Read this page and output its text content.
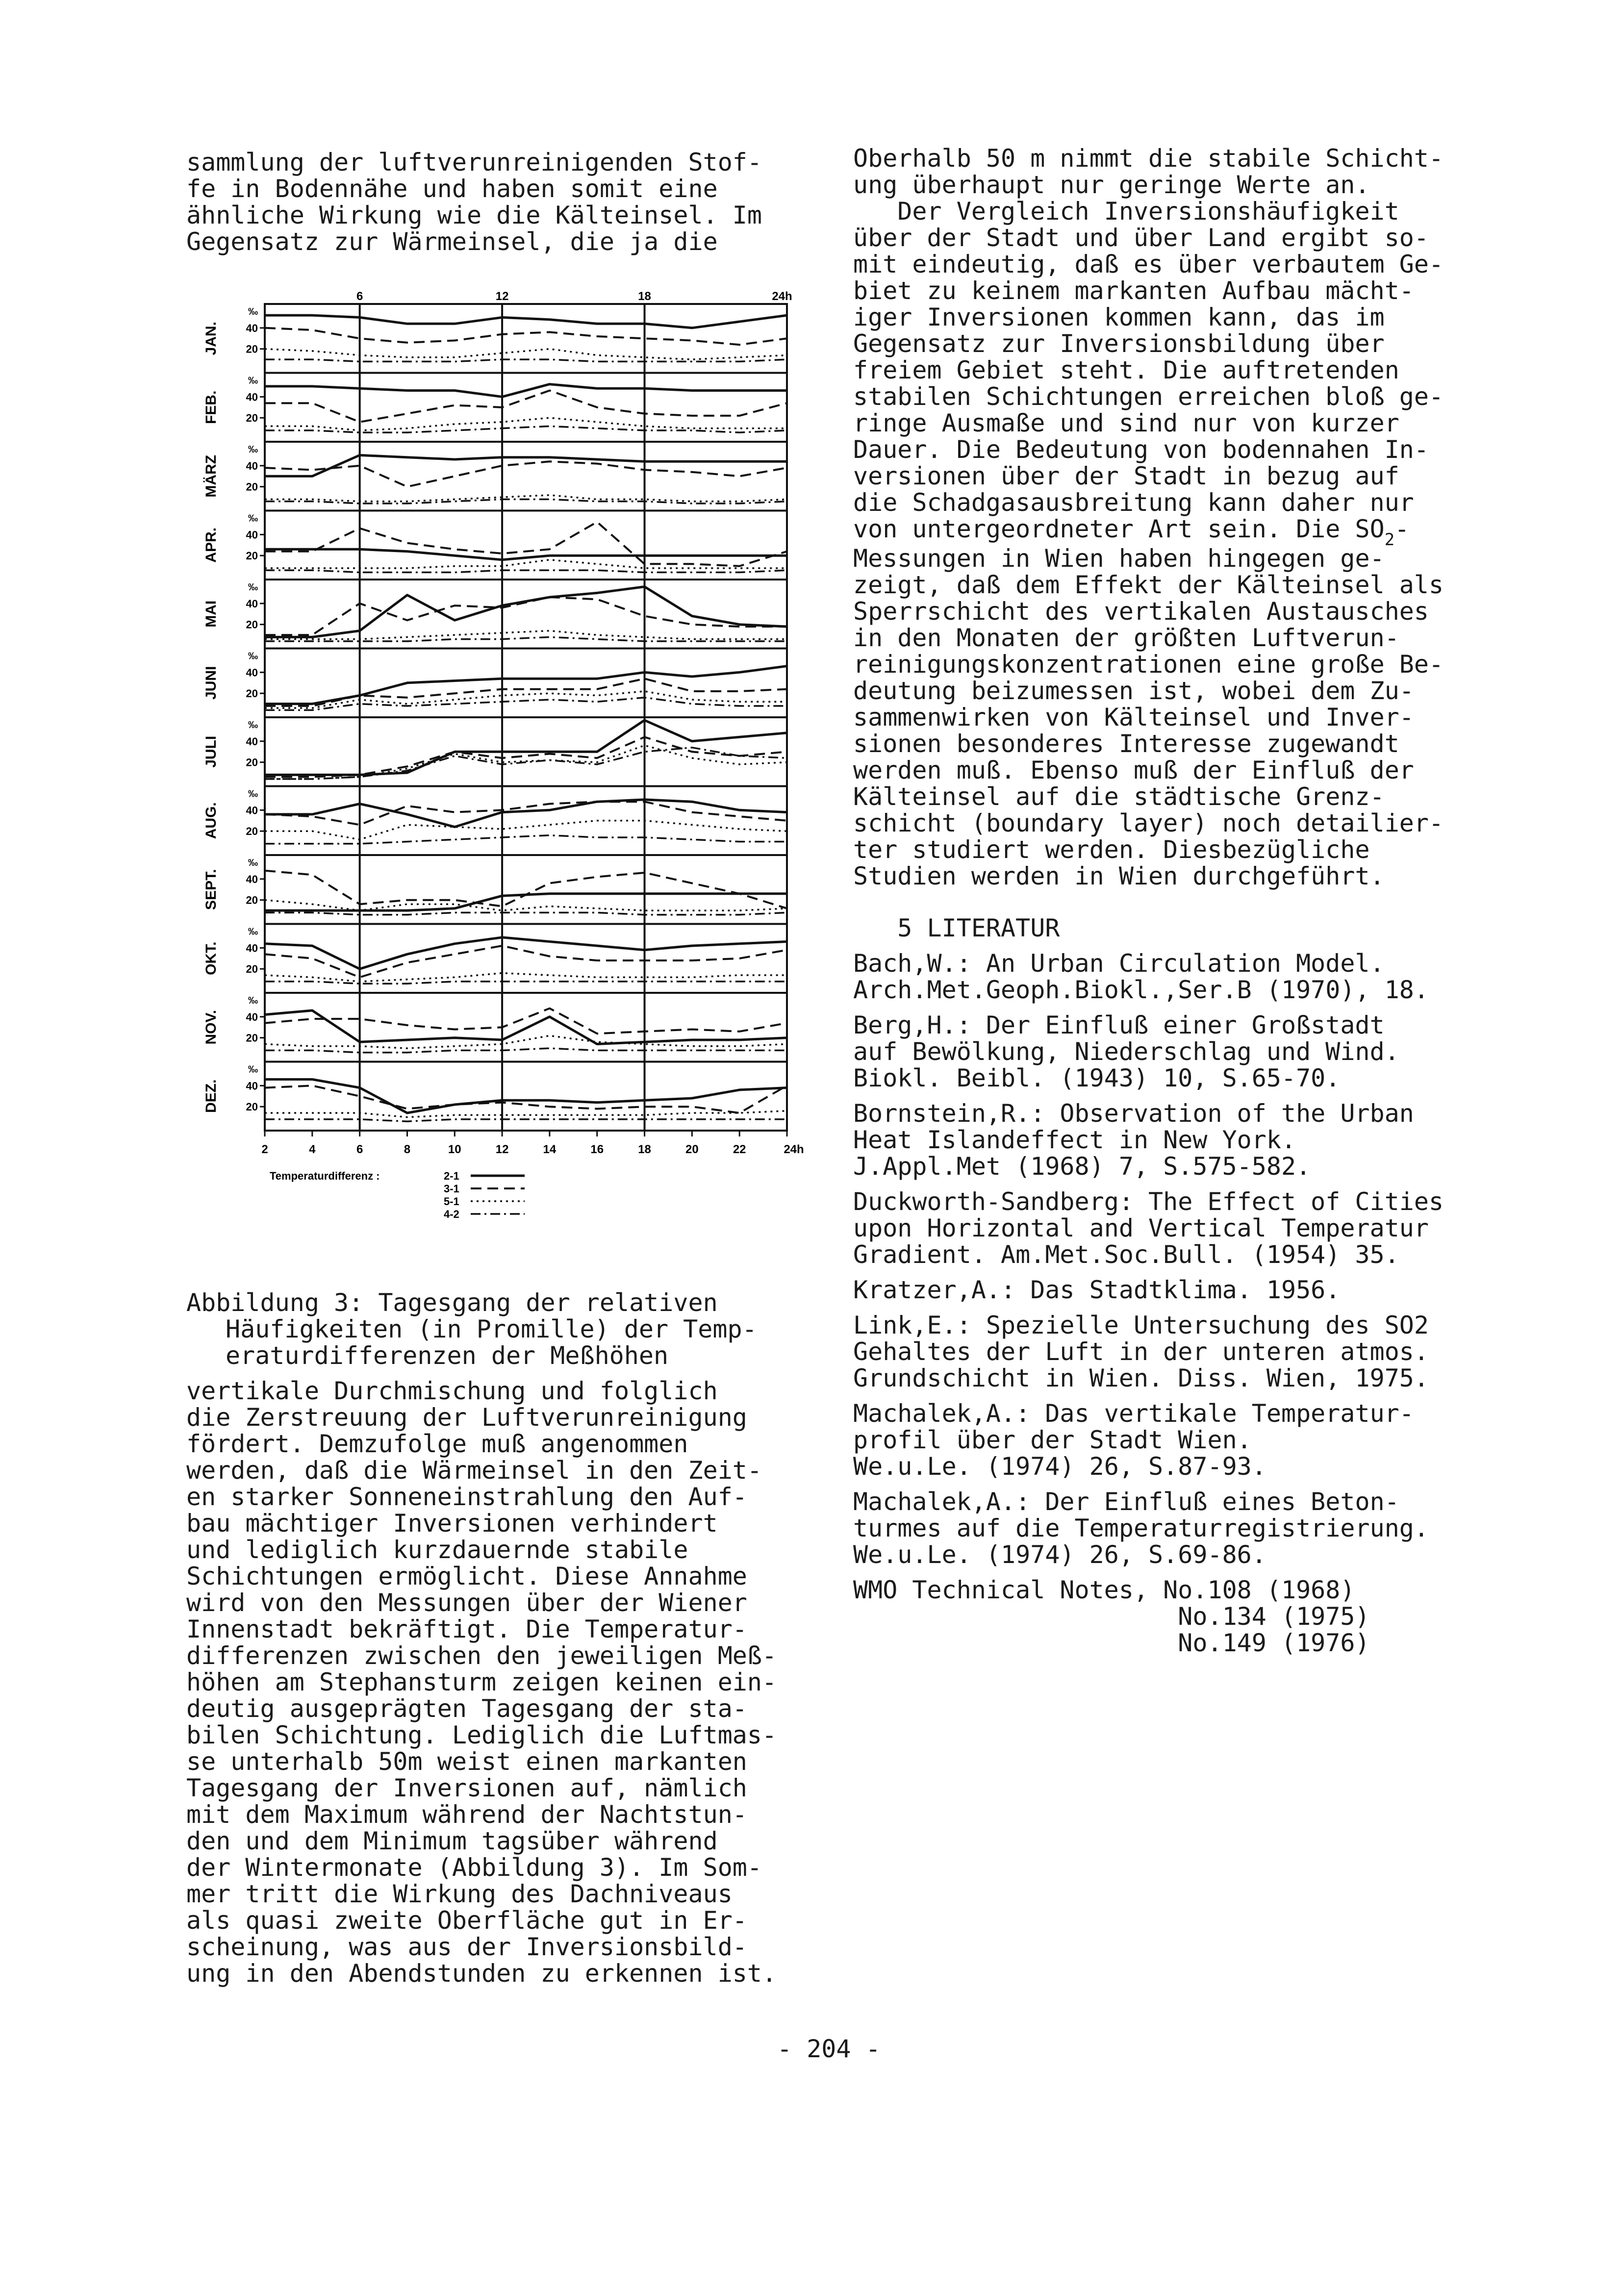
sammlung der luftverunreinigenden Stof-
fe in Bodennähe und haben somit eine
ähnliche Wirkung wie die Kälteinsel. Im
Gegensatz zur Wärmeinsel, die ja die
6	12	18	24h
‰
40
20
JAN.
‰
40
20
FEB.
‰
40
20
MÄRZ
‰
40
20
APR.
‰
40
20
MAI
‰
40
20
JUNI
‰
40
20
JULI
‰
40
20
AUG.
‰
40
20
SEPT.
‰
40
20
OKT.
‰
40
20
NOV.
‰
40
20
DEZ.
2	4	6	8	10	12	14	16	18	20	22	24h
Temperaturdifferenz :	2-1
3-1
5-1
4-2
Abbildung 3: Tagesgang der relativen
Häufigkeiten (in Promille) der Temp-
eraturdifferenzen der Meßhöhen
vertikale Durchmischung und folglich
die Zerstreuung der Luftverunreinigung
fördert. Demzufolge muß angenommen
werden, daß die Wärmeinsel in den Zeit-
en starker Sonneneinstrahlung den Auf-
bau mächtiger Inversionen verhindert
und lediglich kurzdauernde stabile
Schichtungen ermöglicht. Diese Annahme
wird von den Messungen über der Wiener
Innenstadt bekräftigt. Die Temperatur-
differenzen zwischen den jeweiligen Meß-
höhen am Stephansturm zeigen keinen ein-
deutig ausgeprägten Tagesgang der sta-
bilen Schichtung. Lediglich die Luftmas-
se unterhalb 50m weist einen markanten
Tagesgang der Inversionen auf, nämlich
mit dem Maximum während der Nachtstun-
den und dem Minimum tagsüber während
der Wintermonate (Abbildung 3). Im Som-
mer tritt die Wirkung des Dachniveaus
als quasi zweite Oberfläche gut in Er-
scheinung, was aus der Inversionsbild-
ung in den Abendstunden zu erkennen ist.
Oberhalb 50 m nimmt die stabile Schicht-
ung überhaupt nur geringe Werte an.
Der Vergleich Inversionshäufigkeit
über der Stadt und über Land ergibt so-
mit eindeutig, daß es über verbautem Ge-
biet zu keinem markanten Aufbau mächt-
iger Inversionen kommen kann, das im
Gegensatz zur Inversionsbildung über
freiem Gebiet steht. Die auftretenden
stabilen Schichtungen erreichen bloß ge-
ringe Ausmaße und sind nur von kurzer
Dauer. Die Bedeutung von bodennahen In-
versionen über der Stadt in bezug auf
die Schadgasausbreitung kann daher nur
von untergeordneter Art sein. Die $SO_2-$
Messungen in Wien haben hingegen ge-
zeigt, daß dem Effekt der Kälteinsel als
Sperrschicht des vertikalen Austausches
in den Monaten der größten Luftverun-
reinigungskonzentrationen eine große Be-
deutung beizumessen ist, wobei dem Zu-
sammenwirken von Kälteinsel und Inver-
sionen besonderes Interesse zugewandt
werden muß. Ebenso muß der Einfluß der
Kälteinsel auf die städtische Grenz-
schicht (boundary layer) noch detailier-
ter studiert werden. Diesbezügliche
Studien werden in Wien durchgeführt.
5 LITERATUR
Bach,W.: An Urban Circulation Model.
Arch.Met.Geoph.Biokl.,Ser.B (1970), 18.
Berg,H.: Der Einfluß einer Großstadt
auf Bewölkung, Niederschlag und Wind.
Biokl. Beibl. (1943) 10, S.65-70.
Bornstein,R.: Observation of the Urban
Heat Islandeffect in New York.
J.Appl.Met (1968) 7, S.575-582.
Duckworth-Sandberg: The Effect of Cities
upon Horizontal and Vertical Temperatur
Gradient. Am.Met.Soc.Bull. (1954) 35.
Kratzer,A.: Das Stadtklima. 1956.
Link,E.: Spezielle Untersuchung des SO2
Gehaltes der Luft in der unteren atmos.
Grundschicht in Wien. Diss. Wien, 1975.
Machalek,A.: Das vertikale Temperatur-
profil über der Stadt Wien.
We.u.Le. (1974) 26, S.87-93.
Machalek,A.: Der Einfluß eines Beton-
turmes auf die Temperaturregistrierung.
We.u.Le. (1974) 26, S.69-86.
WMO Technical Notes, No.108 (1968)
No.134 (1975)
No.149 (1976)
- 204 -
